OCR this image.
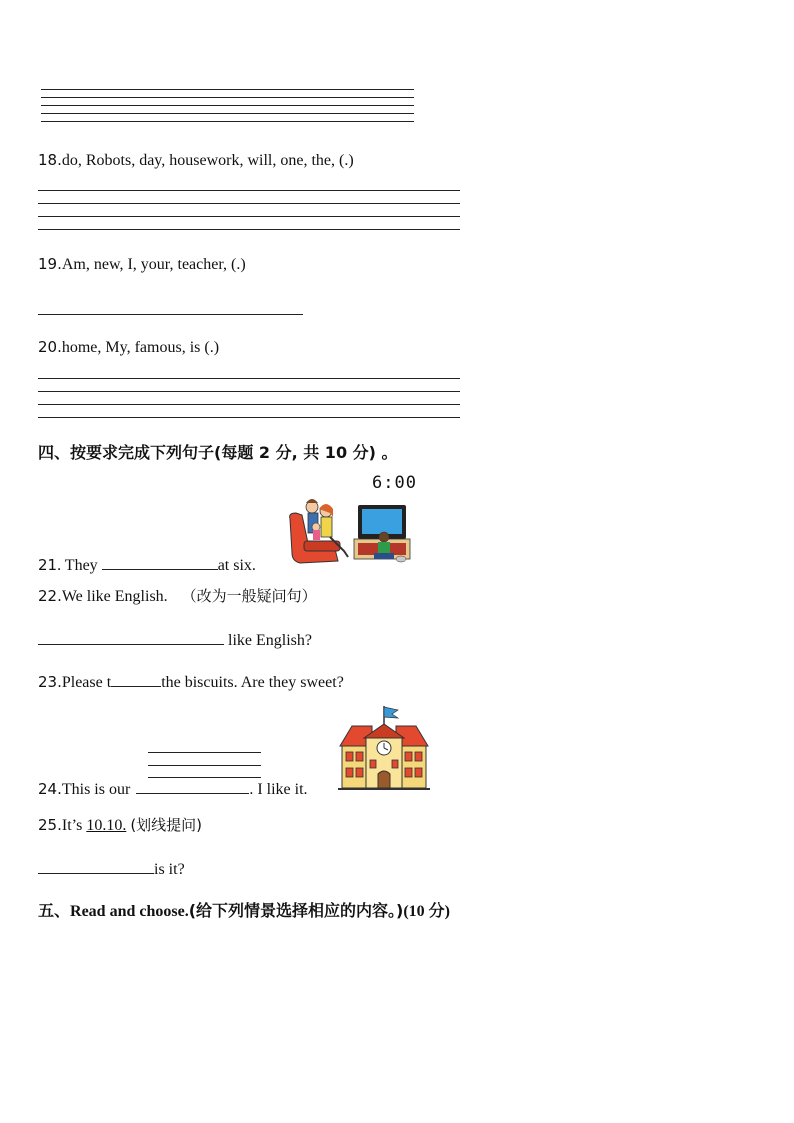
18.do, Robots, day, housework, will, one, the, (.)
19.Am, new, I, your, teacher, (.)
20.home, My, famous, is (.)
四、按要求完成下列句子(每题 2 分, 共 10 分) 。
6:00
21. They	at six.
22.We like English. （改为一般疑问句）
like English?
23.Please t	the biscuits. Are they sweet?
24.This is our	. I like it.
25.It’s 10.10. (划线提问)
is it?
五、Read and choose.(给下列情景选择相应的内容。)(10 分)
